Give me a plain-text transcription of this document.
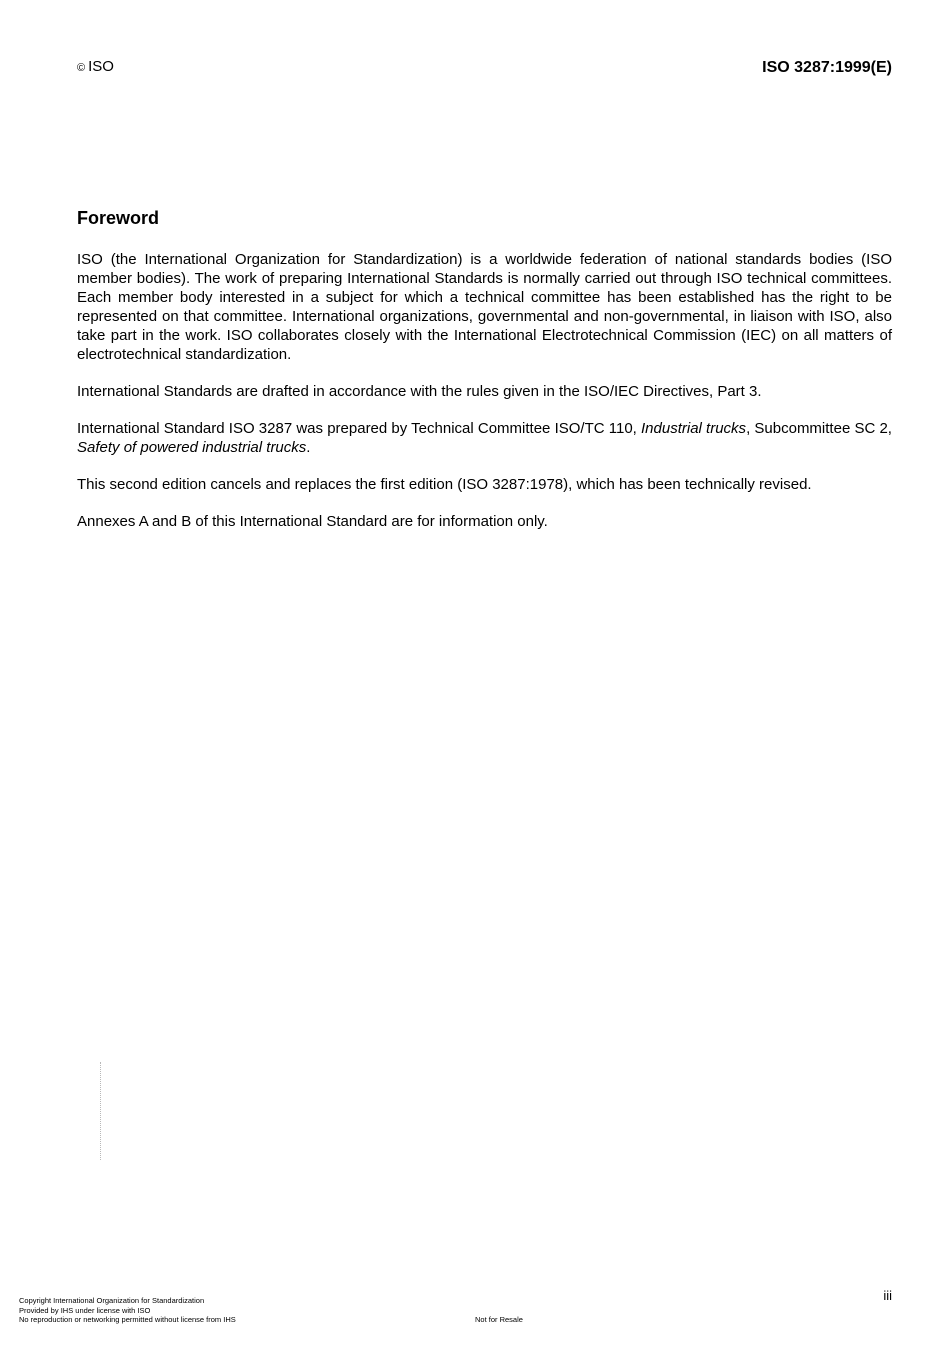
© ISO	ISO 3287:1999(E)
Foreword

ISO (the International Organization for Standardization) is a worldwide federation of national standards bodies (ISO member bodies). The work of preparing International Standards is normally carried out through ISO technical committees. Each member body interested in a subject for which a technical committee has been established has the right to be represented on that committee. International organizations, governmental and non-governmental, in liaison with ISO, also take part in the work. ISO collaborates closely with the International Electrotechnical Commission (IEC) on all matters of electrotechnical standardization.

International Standards are drafted in accordance with the rules given in the ISO/IEC Directives, Part 3.

International Standard ISO 3287 was prepared by Technical Committee ISO/TC 110, Industrial trucks, Subcommittee SC 2, Safety of powered industrial trucks.

This second edition cancels and replaces the first edition (ISO 3287:1978), which has been technically revised.

Annexes A and B of this International Standard are for information only.

iii
Copyright International Organization for Standardization
Provided by IHS under license with ISO
No reproduction or networking permitted without license from IHS	Not for Resale
